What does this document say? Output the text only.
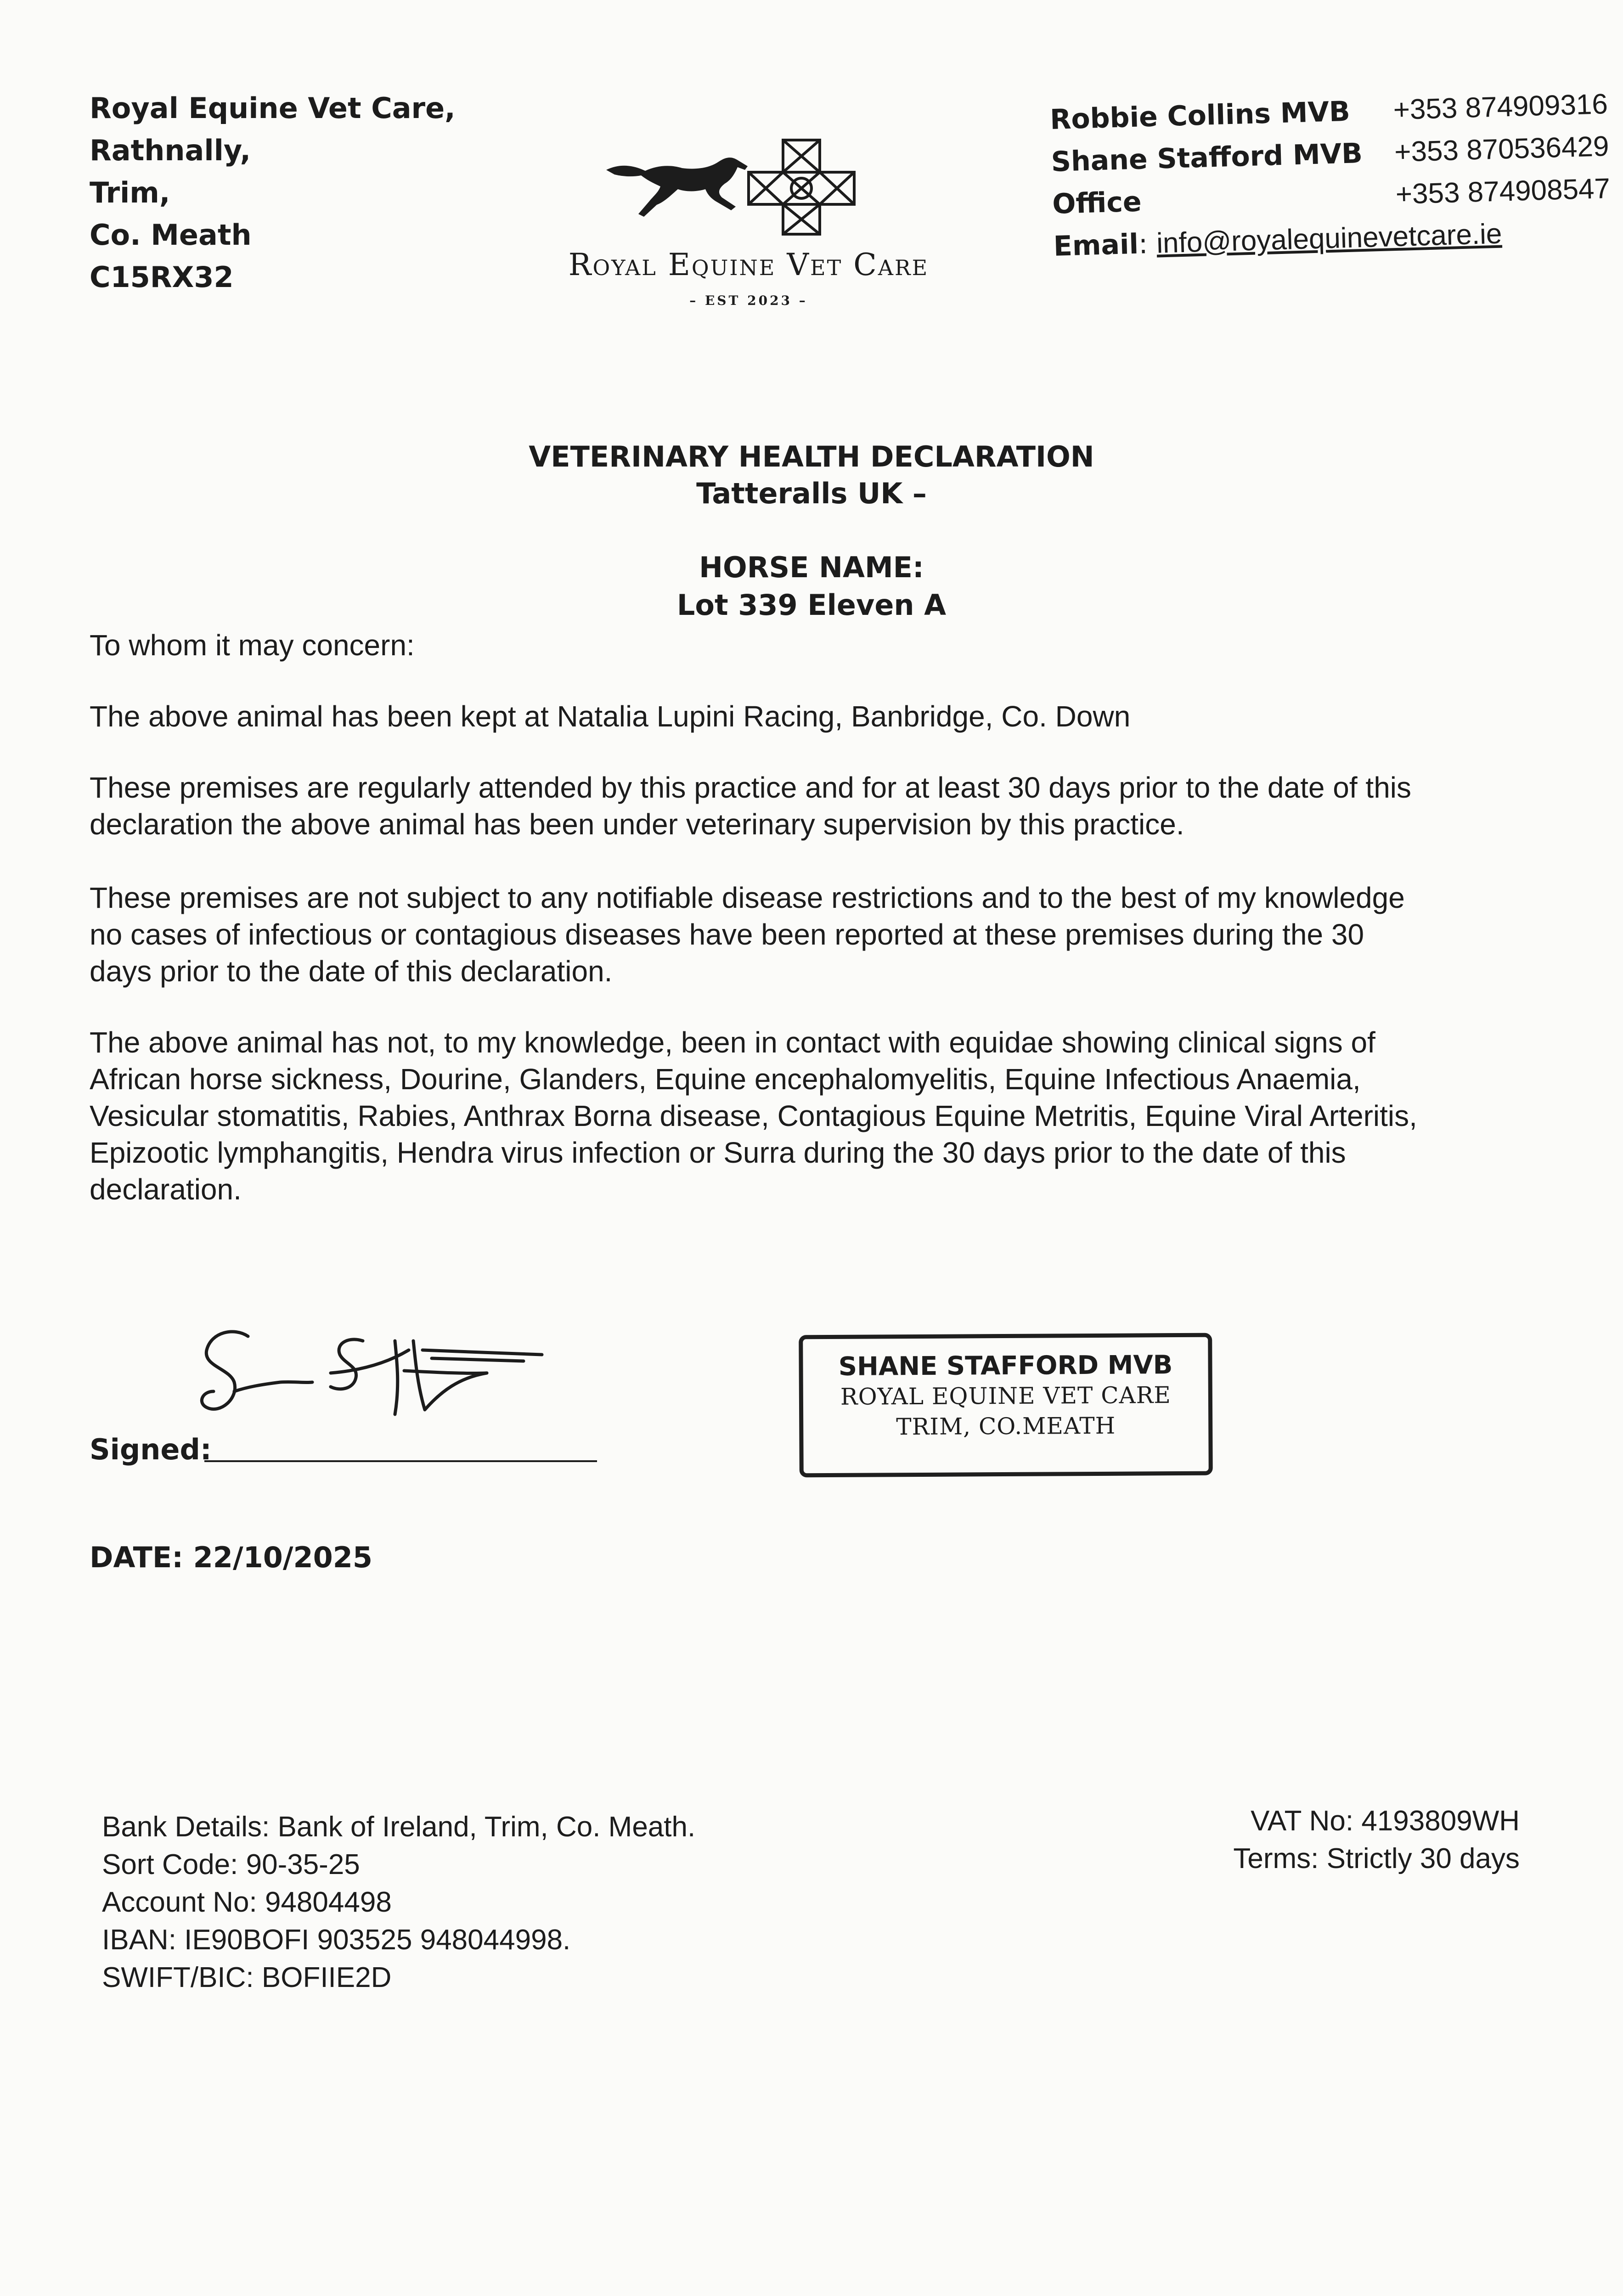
Royal Equine Vet Care,
Rathnally,
Trim,
Co. Meath
C15RX32	Royal Equine Vet Care
– EST 2023 –
Robbie Collins MVB +353 874909316
Shane Stafford MVB +353 870536429
Office	+353 874908547
Email
:
info@royalequinevetcare.ie
VETERINARY HEALTH DECLARATION
Tatteralls UK –
HORSE NAME:
Lot 339 Eleven A
To whom it may concern:
The above animal has been kept at Natalia Lupini Racing, Banbridge, Co. Down
These premises are regularly attended by this practice and for at least 30 days prior to the date of this
declaration the above animal has been under veterinary supervision by this practice.
These premises are not subject to any notifiable disease restrictions and to the best of my knowledge
no cases of infectious or contagious diseases have been reported at these premises during the 30
days prior to the date of this declaration.
The above animal has not, to my knowledge, been in contact with equidae showing clinical signs of
African horse sickness, Dourine, Glanders, Equine encephalomyelitis, Equine Infectious Anaemia,
Vesicular stomatitis, Rabies, Anthrax Borna disease, Contagious Equine Metritis, Equine Viral Arteritis,
Epizootic lymphangitis, Hendra virus infection or Surra during the 30 days prior to the date of this
declaration.
Signed:
SHANE STAFFORD MVB
ROYAL EQUINE VET CARE
TRIM, CO.MEATH
DATE: 22/10/2025
Bank Details: Bank of Ireland, Trim, Co. Meath.
Sort Code: 90-35-25
Account No: 94804498
IBAN: IE90BOFI 903525 948044998.
SWIFT/BIC: BOFIIE2D
VAT No: 4193809WH
Terms: Strictly 30 days
